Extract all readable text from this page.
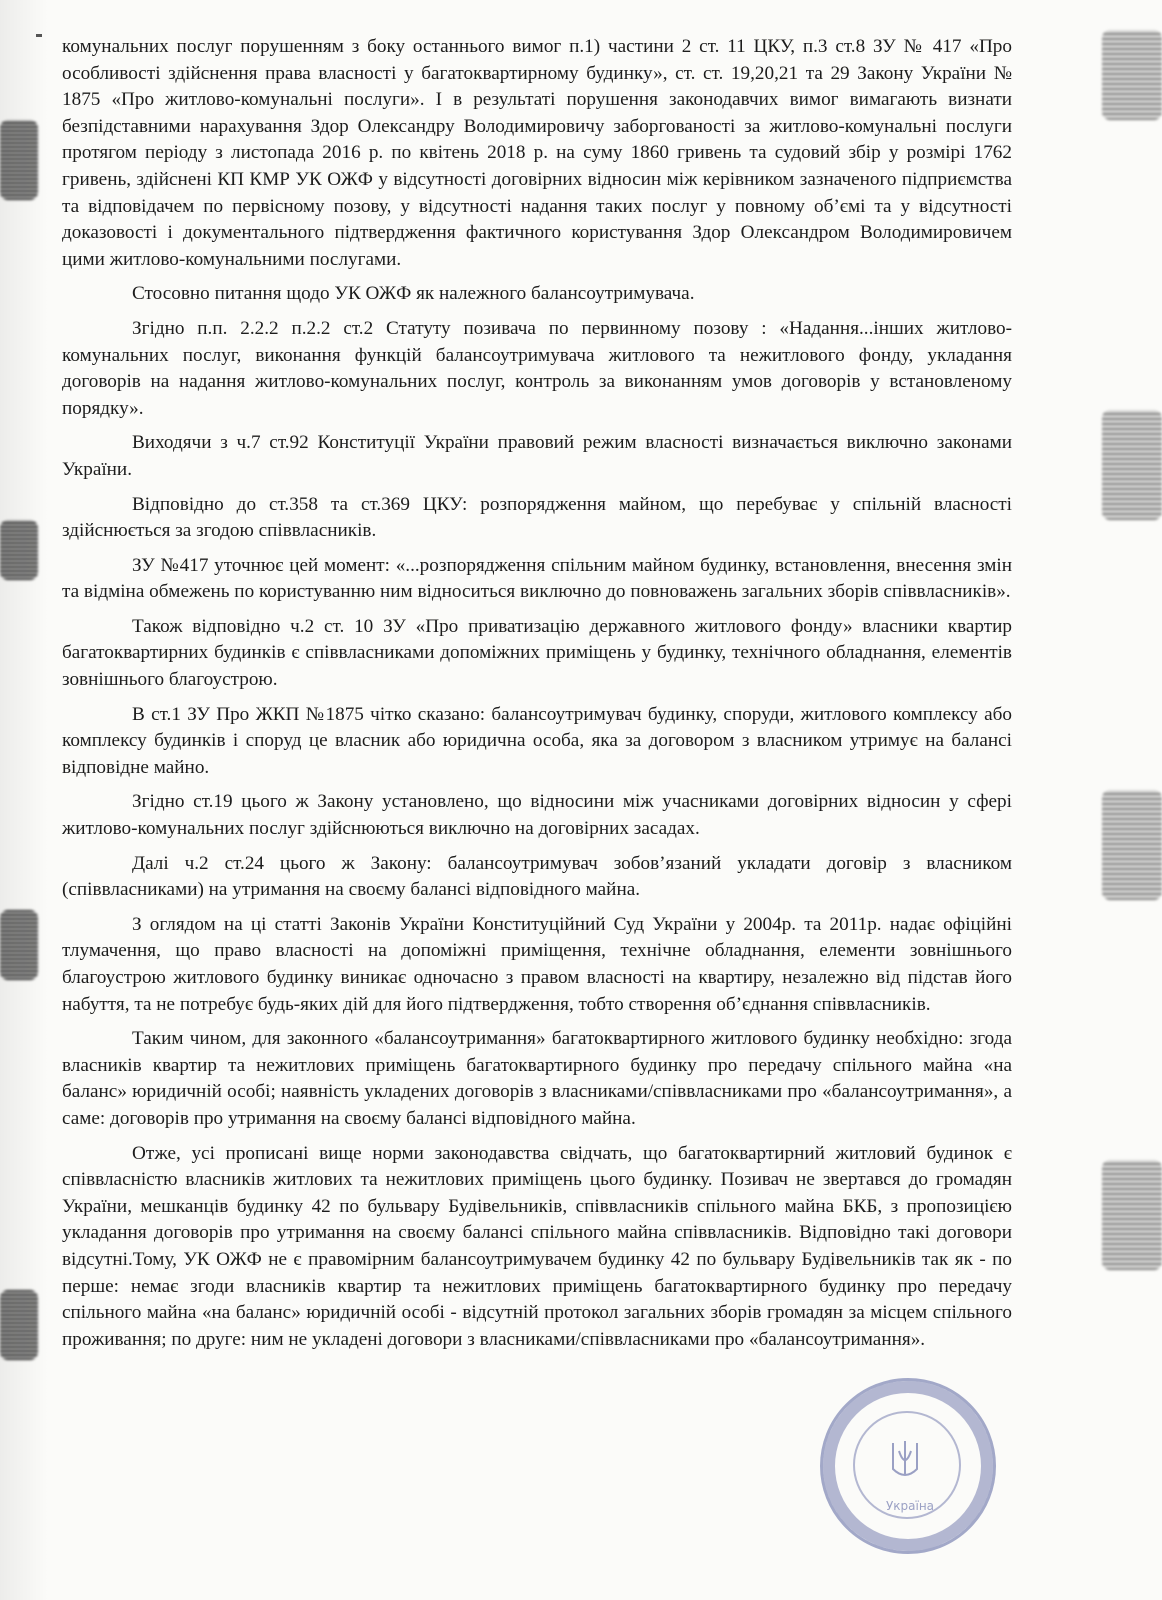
комунальних послуг порушенням з боку останнього вимог п.1) частини 2 ст. 11 ЦКУ, п.3 ст.8 ЗУ № 417 «Про особливості здійснення права власності у багатоквартирному будинку», ст. ст. 19,20,21 та 29 Закону України № 1875 «Про житлово-комунальні послуги». І в результаті порушення законодавчих вимог вимагають визнати безпідставними нарахування Здор Олександру Володимировичу заборгованості за житлово-комунальні послуги протягом періоду з листопада 2016 р. по квітень 2018 р. на суму 1860 гривень та судовий збір у розмірі 1762 гривень, здійснені КП КМР УК ОЖФ у відсутності договірних відносин між керівником зазначеного підприємства та відповідачем по первісному позову, у відсутності надання таких послуг у повному об’ємі та у відсутності доказовості і документального підтвердження фактичного користування Здор Олександром Володимировичем цими житлово-комунальними послугами.

Стосовно питання щодо УК ОЖФ як належного балансоутримувача.

Згідно п.п. 2.2.2 п.2.2 ст.2 Статуту позивача по первинному позову : «Надання...інших житлово-комунальних послуг, виконання функцій балансоутримувача житлового та нежитлового фонду, укладання договорів на надання житлово-комунальних послуг, контроль за виконанням умов договорів у встановленому порядку».

Виходячи з ч.7 ст.92 Конституції України правовий режим власності визначається виключно законами України.

Відповідно до ст.358 та ст.369 ЦКУ: розпорядження майном, що перебуває у спільній власності здійснюється за згодою співвласників.

ЗУ №417 уточнює цей момент: «...розпорядження спільним майном будинку, встановлення, внесення змін та відміна обмежень по користуванню ним відноситься виключно до повноважень загальних зборів співвласників».

Також відповідно ч.2 ст. 10 ЗУ «Про приватизацію державного житлового фонду» власники квартир багатоквартирних будинків є співвласниками допоміжних приміщень у будинку, технічного обладнання, елементів зовнішнього благоустрою.

В ст.1 ЗУ Про ЖКП №1875 чітко сказано: балансоутримувач будинку, споруди, житлового комплексу або комплексу будинків і споруд це власник або юридична особа, яка за договором з власником утримує на балансі відповідне майно.

Згідно ст.19 цього ж Закону установлено, що відносини між учасниками договірних відносин у сфері житлово-комунальних послуг здійснюються виключно на договірних засадах.

Далі ч.2 ст.24 цього ж Закону: балансоутримувач зобов’язаний укладати договір з власником (співвласниками) на утримання на своєму балансі відповідного майна.

З оглядом на ці статті Законів України Конституційний Суд України у 2004р. та 2011р. надає офіційні тлумачення, що право власності на допоміжні приміщення, технічне обладнання, елементи зовнішнього благоустрою житлового будинку виникає одночасно з правом власності на квартиру, незалежно від підстав його набуття, та не потребує будь-яких дій для його підтвердження, тобто створення об’єднання співвласників.

Таким чином, для законного «балансоутримання» багатоквартирного житлового будинку необхідно: згода власників квартир та нежитлових приміщень багатоквартирного будинку про передачу спільного майна «на баланс» юридичній особі; наявність укладених договорів з власниками/співвласниками про «балансоутримання», а саме: договорів про утримання на своєму балансі відповідного майна.

Отже, усі прописані вище норми законодавства свідчать, що багатоквартирний житловий будинок є співвласністю власників житлових та нежитлових приміщень цього будинку. Позивач не звертався до громадян України, мешканців будинку 42 по бульвару Будівельників, співвласників спільного майна БКБ, з пропозицією укладання договорів про утримання на своєму балансі спільного майна співвласників. Відповідно такі договори відсутні.Тому, УК ОЖФ не є правомірним балансоутримувачем будинку 42 по бульвару Будівельників так як - по перше: немає згоди власників квартир та нежитлових приміщень багатоквартирного будинку про передачу спільного майна «на баланс» юридичній особі - відсутній протокол загальних зборів громадян за місцем спільного проживання; по друге: ним не укладені договори з власниками/співвласниками про «балансоутримання».

Україна
